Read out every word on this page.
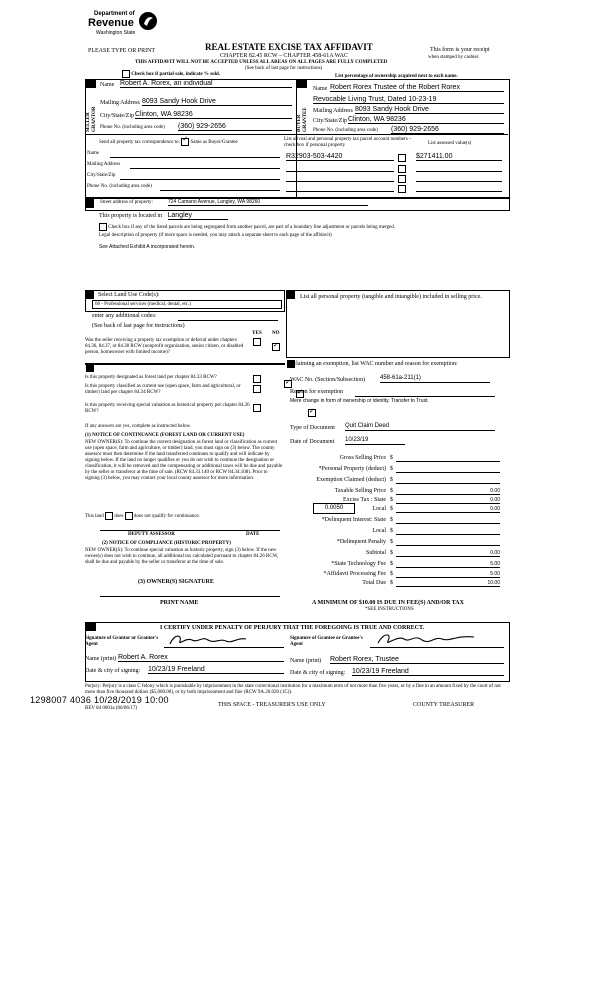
Department of
Revenue
Washington State
PLEASE TYPE OR PRINT	REAL ESTATE EXCISE TAX AFFIDAVIT
CHAPTER 82.45 RCW – CHAPTER 458-61A WAC
THIS AFFIDAVIT WILL NOT BE ACCEPTED UNLESS ALL AREAS ON ALL PAGES ARE FULLY COMPLETED
(See back of last page for instructions)
This form is your receipt
when stamped by cashier.
Check box if partial sale, indicate % sold.	List percentage of ownership acquired next to each name.
SELLER GRANTOR
Name Robert A. Rorex, an individual
Mailing Address 8093 Sandy Hook Drive
City/State/Zip Clinton, WA 98236
Phone No. (including area code) (360) 929-2656	BUYER GRANTEE
Name Robert Rorex Trustee of the Robert Rorex
Revocable Living Trust, Dated 10-23-19
Mailing Address 8093 Sandy Hook Drive
City/State/Zip Clinton, WA 98236
Phone No. (including area code) (360) 929-2656
Send all property tax correspondence to: ✓ Same as Buyer/Grantee
Name
Mailing Address
City/State/Zip
Phone No. (including area code)
List all real and personal property tax parcel account numbers – check box if personal property	List assessed value(s)
R32903-503-4420	$271411.00
Street address of property:	724 Camano Avenue, Langley, WA 98260
This property is located in Langley
Check box if any of the listed parcels are being segregated from another parcel, are part of a boundary line adjustment or parcels being merged.
Legal description of property (if more space is needed, you may attach a separate sheet to each page of the affidavit)
See Attached Exhibit A incorporated herein.
Select Land Use Code(s):
66 - Professional services (medical, dental, etc.)
enter any additional codes:
(See back of last page for instructions)
YES NO
Was the seller receiving a property tax exemption or deferral under chapters 84.36, 84.37, or 84.38 RCW (nonprofit organization, senior citizen, or disabled person, homeowner with limited income)?
✓
Is this property designated as forest land per chapter 84.33 RCW?
✓
Is this property classified as current use (open space, farm and agricultural, or timber) land per chapter 84.34 RCW?
✓
Is this property receiving special valuation as historical property per chapter 84.26 RCW?
✓
If any answers are yes, complete as instructed below.
(1) NOTICE OF CONTINUANCE (FOREST LAND OR CURRENT USE)
NEW OWNER(S): To continue the current designation as forest land or classification as current use (open space, farm and agriculture, or timber) land, you must sign on (3) below. The county assessor must then determine if the land transferred continues to qualify and will indicate by signing below. If the land no longer qualifies or you do not wish to continue the designation or classification, it will be removed and the compensating or additional taxes will be due and payable by the seller or transferor at the time of sale. (RCW 84.33.140 or RCW 84.34.108). Prior to signing (3) below, you may contact your local county assessor for more information.
This land does does not qualify for continuance.
DEPUTY ASSESSOR	DATE
(2) NOTICE OF COMPLIANCE (HISTORIC PROPERTY)
NEW OWNER(S): To continue special valuation as historic property, sign (3) below. If the new owner(s) does not wish to continue, all additional tax calculated pursuant to chapter 84.26 RCW, shall be due and payable by the seller or transferor at the time of sale.
(3) OWNER(S) SIGNATURE
PRINT NAME
List all personal property (tangible and intangible) included in selling price.
If claiming an exemption, list WAC number and reason for exemption:
WAC No. (Section/Subsection) 458-61a-211(1)
Reason for exemption
Mere change in form of ownership or identity. Transfer to Trust.
Type of Document Quit Claim Deed
Date of Document 10/23/19
Gross Selling Price $
*Personal Property (deduct) $
Exemption Claimed (deduct) $
Taxable Selling Price $	0.00
Excise Tax : State $	0.00
0.0050	Local $	0.00
*Delinquent Interest: State $
Local $
*Delinquent Penalty $
Subtotal $	0.00
*State Technology Fee $	5.00
*Affidavit Processing Fee $	5.00
Total Due $	10.00
A MINIMUM OF $10.00 IS DUE IN FEE(S) AND/OR TAX
*SEE INSTRUCTIONS
I CERTIFY UNDER PENALTY OF PERJURY THAT THE FOREGOING IS TRUE AND CORRECT.
Signature of Grantor or Grantor's Agent
Name (print) Robert A. Rorex
Date & city of signing: 10/23/19 Freeland
Signature of Grantee or Grantee's Agent
Name (print) Robert Rorex, Trustee
Date & city of signing: 10/23/19 Freeland
Perjury: Perjury is a class C felony which is punishable by imprisonment in the state correctional institution for a maximum term of not more than five years, or by a fine in an amount fixed by the court of not more than five thousand dollars ($5,000.00), or by both imprisonment and fine (RCW 9A.20.020 (1C)).
1298007 4036 10/28/2019 10:00
REV 84 0001a (06/06/17)
THIS SPACE - TREASURER'S USE ONLY	COUNTY TREASURER
